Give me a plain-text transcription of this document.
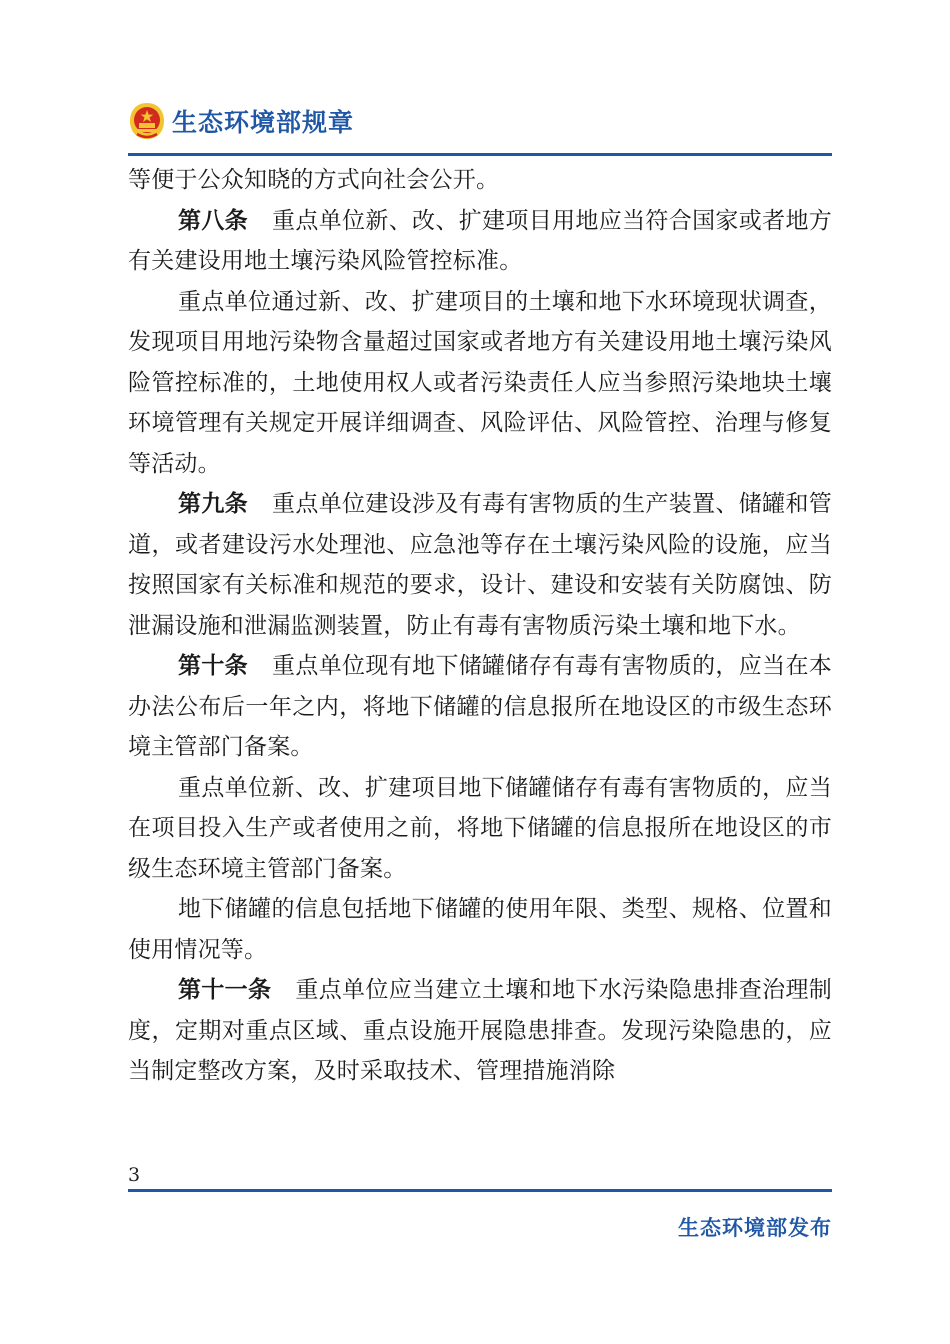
生态环境部规章

等便于公众知晓的方式向社会公开。

第八条 重点单位新、改、扩建项目用地应当符合国家或者地方有关建设用地土壤污染风险管控标准。

重点单位通过新、改、扩建项目的土壤和地下水环境现状调查，发现项目用地污染物含量超过国家或者地方有关建设用地土壤污染风险管控标准的，土地使用权人或者污染责任人应当参照污染地块土壤环境管理有关规定开展详细调查、风险评估、风险管控、治理与修复等活动。

第九条 重点单位建设涉及有毒有害物质的生产装置、储罐和管道，或者建设污水处理池、应急池等存在土壤污染风险的设施，应当按照国家有关标准和规范的要求，设计、建设和安装有关防腐蚀、防泄漏设施和泄漏监测装置，防止有毒有害物质污染土壤和地下水。

第十条 重点单位现有地下储罐储存有毒有害物质的，应当在本办法公布后一年之内，将地下储罐的信息报所在地设区的市级生态环境主管部门备案。

重点单位新、改、扩建项目地下储罐储存有毒有害物质的，应当在项目投入生产或者使用之前，将地下储罐的信息报所在地设区的市级生态环境主管部门备案。

地下储罐的信息包括地下储罐的使用年限、类型、规格、位置和使用情况等。

第十一条 重点单位应当建立土壤和地下水污染隐患排查治理制度，定期对重点区域、重点设施开展隐患排查。发现污染隐患的，应当制定整改方案，及时采取技术、管理措施消除

3
生态环境部发布
